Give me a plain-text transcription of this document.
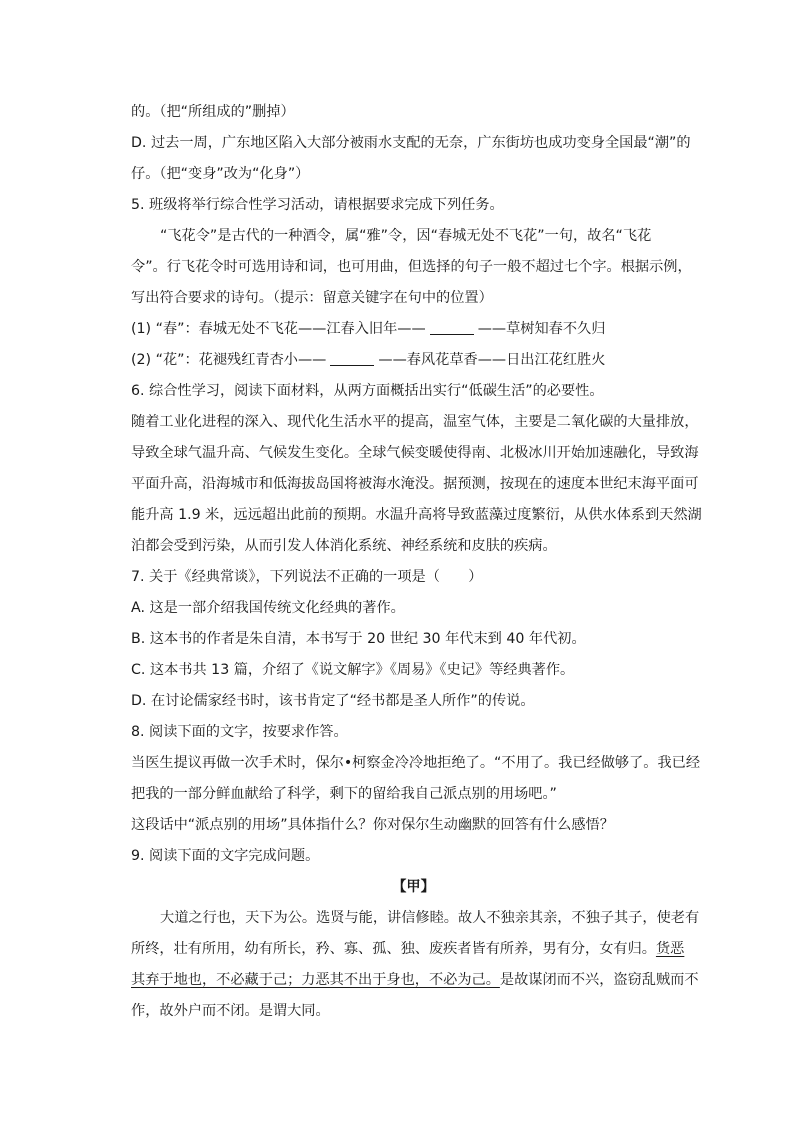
的。（把“所组成的”删掉）
D. 过去一周，广东地区陷入大部分被雨水支配的无奈，广东街坊也成功变身全国最“潮”的
仔。（把“变身”改为“化身”）
5. 班级将举行综合性学习活动，请根据要求完成下列任务。
“飞花令”是古代的一种酒令，属“雅”令，因“春城无处不飞花”一句，故名“飞花
令”。行飞花令时可选用诗和词，也可用曲，但选择的句子一般不超过七个字。根据示例，
写出符合要求的诗句。（提示：留意关键字在句中的位置）
(1) “春”：春城无处不飞花——江春入旧年——	——草树知春不久归
(2) “花”：花褪残红青杏小——	——春风花草香——日出江花红胜火
6. 综合性学习，阅读下面材料，从两方面概括出实行“低碳生活”的必要性。
随着工业化进程的深入、现代化生活水平的提高，温室气体，主要是二氧化碳的大量排放，
导致全球气温升高、气候发生变化。全球气候变暖使得南、北极冰川开始加速融化，导致海
平面升高，沿海城市和低海拔岛国将被海水淹没。据预测，按现在的速度本世纪末海平面可
能升高 1.9 米，远远超出此前的预期。水温升高将导致蓝藻过度繁衍，从供水体系到天然湖
泊都会受到污染，从而引发人体消化系统、神经系统和皮肤的疾病。
7. 关于《经典常谈》，下列说法不正确的一项是（　　）
A. 这是一部介绍我国传统文化经典的著作。
B. 这本书的作者是朱自清，本书写于 20 世纪 30 年代末到 40 年代初。
C. 这本书共 13 篇，介绍了《说文解字》《周易》《史记》等经典著作。
D. 在讨论儒家经书时，该书肯定了“经书都是圣人所作”的传说。
8. 阅读下面的文字，按要求作答。
当医生提议再做一次手术时，保尔•柯察金冷冷地拒绝了。“不用了。我已经做够了。我已经
把我的一部分鲜血献给了科学，剩下的留给我自己派点别的用场吧。”
这段话中“派点别的用场”具体指什么？你对保尔生动幽默的回答有什么感悟？
9. 阅读下面的文字完成问题。
【甲】
大道之行也，天下为公。选贤与能，讲信修睦。故人不独亲其亲，不独子其子，使老有
所终，壮有所用，幼有所长，矜、寡、孤、独、废疾者皆有所养，男有分，女有归。货恶
其弃于地也，不必藏于己；力恶其不出于身也，不必为己。是故谋闭而不兴，盗窃乱贼而不
作，故外户而不闭。是谓大同。
